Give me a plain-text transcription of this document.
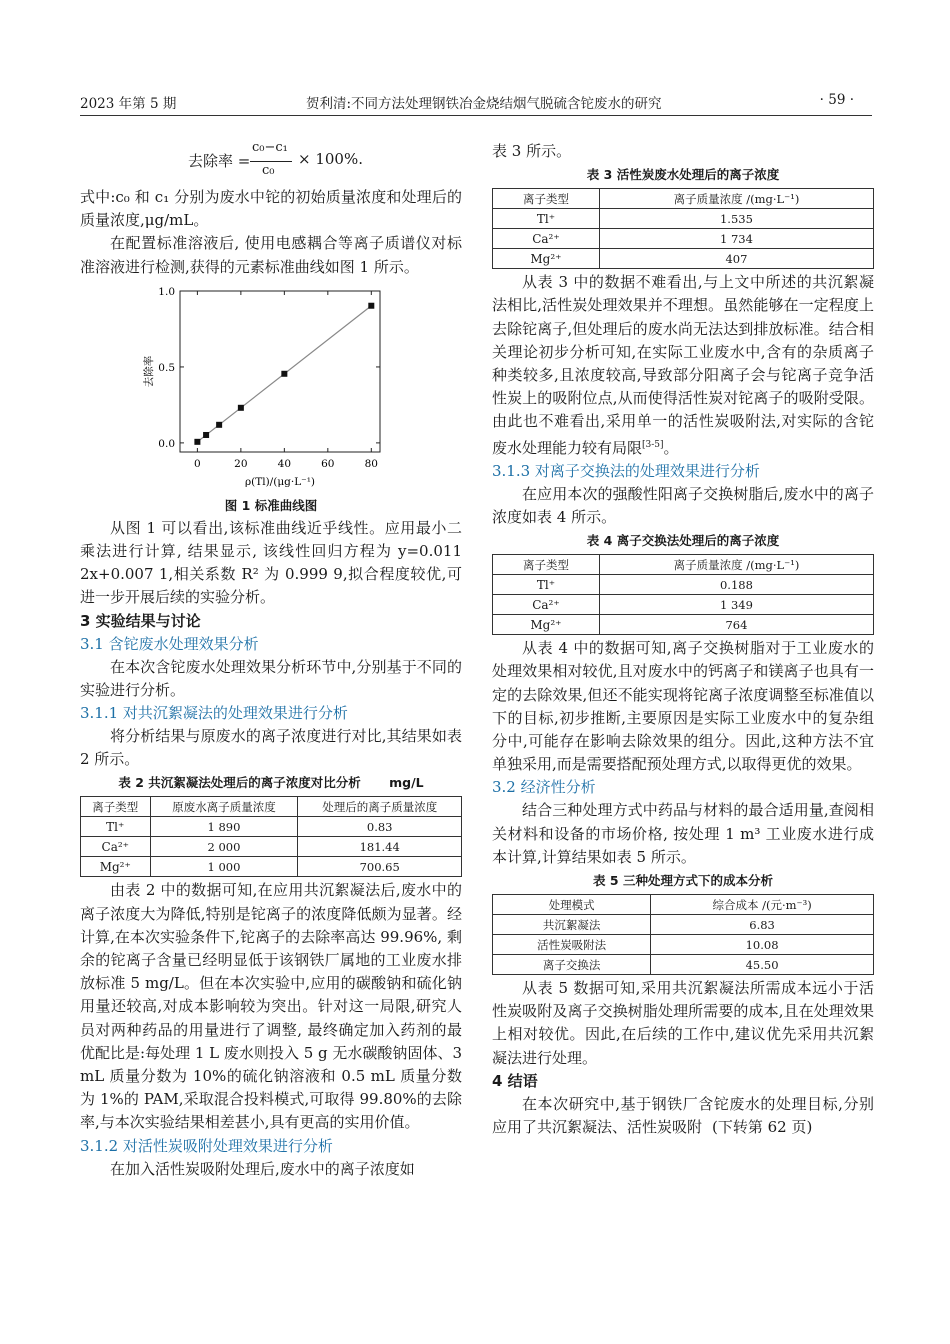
2023 年第 5 期	贺利清:不同方法处理钢铁冶金烧结烟气脱硫含铊废水的研究	· 59 ·
去除率 =
c₀−c₁
c₀
× 100%.

式中:c₀ 和 c₁ 分别为废水中铊的初始质量浓度和处理后的质量浓度,μg/mL。

在配置标准溶液后, 使用电感耦合等离子质谱仪对标准溶液进行检测,获得的元素标准曲线如图 1 所示。

0	20	40	60	80
0.0
0.5
1.0
ρ(Tl)/(μg·L⁻¹)
去除率
图 1 标准曲线图

从图 1 可以看出,该标准曲线近乎线性。应用最小二乘法进行计算, 结果显示, 该线性回归方程为 y=0.011 2x+0.007 1,相关系数 R² 为 0.999 9,拟合程度较优,可进一步开展后续的实验分析。

3 实验结果与讨论
3.1 含铊废水处理效果分析

在本次含铊废水处理效果分析环节中,分别基于不同的实验进行分析。

3.1.1 对共沉絮凝法的处理效果进行分析

将分析结果与原废水的离子浓度进行对比,其结果如表 2 所示。

表 2 共沉絮凝法处理后的离子浓度对比分析 mg/L
离子类型	原废水离子质量浓度	处理后的离子质量浓度
Tl⁺	1 890	0.83
Ca²⁺	2 000	181.44
Mg²⁺	1 000	700.65

由表 2 中的数据可知,在应用共沉絮凝法后,废水中的离子浓度大为降低,特别是铊离子的浓度降低颇为显著。经计算,在本次实验条件下,铊离子的去除率高达 99.96%, 剩余的铊离子含量已经明显低于该钢铁厂属地的工业废水排放标准 5 mg/L。但在本次实验中,应用的碳酸钠和硫化钠用量还较高,对成本影响较为突出。针对这一局限,研究人员对两种药品的用量进行了调整, 最终确定加入药剂的最优配比是:每处理 1 L 废水则投入 5 g 无水碳酸钠固体、3 mL 质量分数为 10%的硫化钠溶液和 0.5 mL 质量分数为 1%的 PAM,采取混合投料模式,可取得 99.80%的去除率,与本次实验结果相差甚小,具有更高的实用价值。

3.1.2 对活性炭吸附处理效果进行分析

在加入活性炭吸附处理后,废水中的离子浓度如

表 3 所示。

表 3 活性炭废水处理后的离子浓度
离子类型	离子质量浓度 /(mg·L⁻¹)
Tl⁺	1.535
Ca²⁺	1 734
Mg²⁺	407

从表 3 中的数据不难看出,与上文中所述的共沉絮凝法相比,活性炭处理效果并不理想。虽然能够在一定程度上去除铊离子,但处理后的废水尚无法达到排放标准。结合相关理论初步分析可知,在实际工业废水中,含有的杂质离子种类较多,且浓度较高,导致部分阳离子会与铊离子竞争活性炭上的吸附位点,从而使得活性炭对铊离子的吸附受限。由此也不难看出,采用单一的活性炭吸附法,对实际的含铊废水处理能力较有局限[3-5]。

3.1.3 对离子交换法的处理效果进行分析

在应用本次的强酸性阳离子交换树脂后,废水中的离子浓度如表 4 所示。

表 4 离子交换法处理后的离子浓度
离子类型	离子质量浓度 /(mg·L⁻¹)
Tl⁺	0.188
Ca²⁺	1 349
Mg²⁺	764

从表 4 中的数据可知,离子交换树脂对于工业废水的处理效果相对较优,且对废水中的钙离子和镁离子也具有一定的去除效果,但还不能实现将铊离子浓度调整至标准值以下的目标,初步推断,主要原因是实际工业废水中的复杂组分中,可能存在影响去除效果的组分。因此,这种方法不宜单独采用,而是需要搭配预处理方式,以取得更优的效果。

3.2 经济性分析

结合三种处理方式中药品与材料的最合适用量,查阅相关材料和设备的市场价格, 按处理 1 m³ 工业废水进行成本计算,计算结果如表 5 所示。

表 5 三种处理方式下的成本分析
处理模式	综合成本 /(元·m⁻³)
共沉絮凝法	6.83
活性炭吸附法	10.08
离子交换法	45.50

从表 5 数据可知,采用共沉絮凝法所需成本远小于活性炭吸附及离子交换树脂处理所需要的成本,且在处理效果上相对较优。因此,在后续的工作中,建议优先采用共沉絮凝法进行处理。

4 结语

在本次研究中,基于钢铁厂含铊废水的处理目标,分别应用了共沉絮凝法、活性炭吸附 (下转第 62 页)
